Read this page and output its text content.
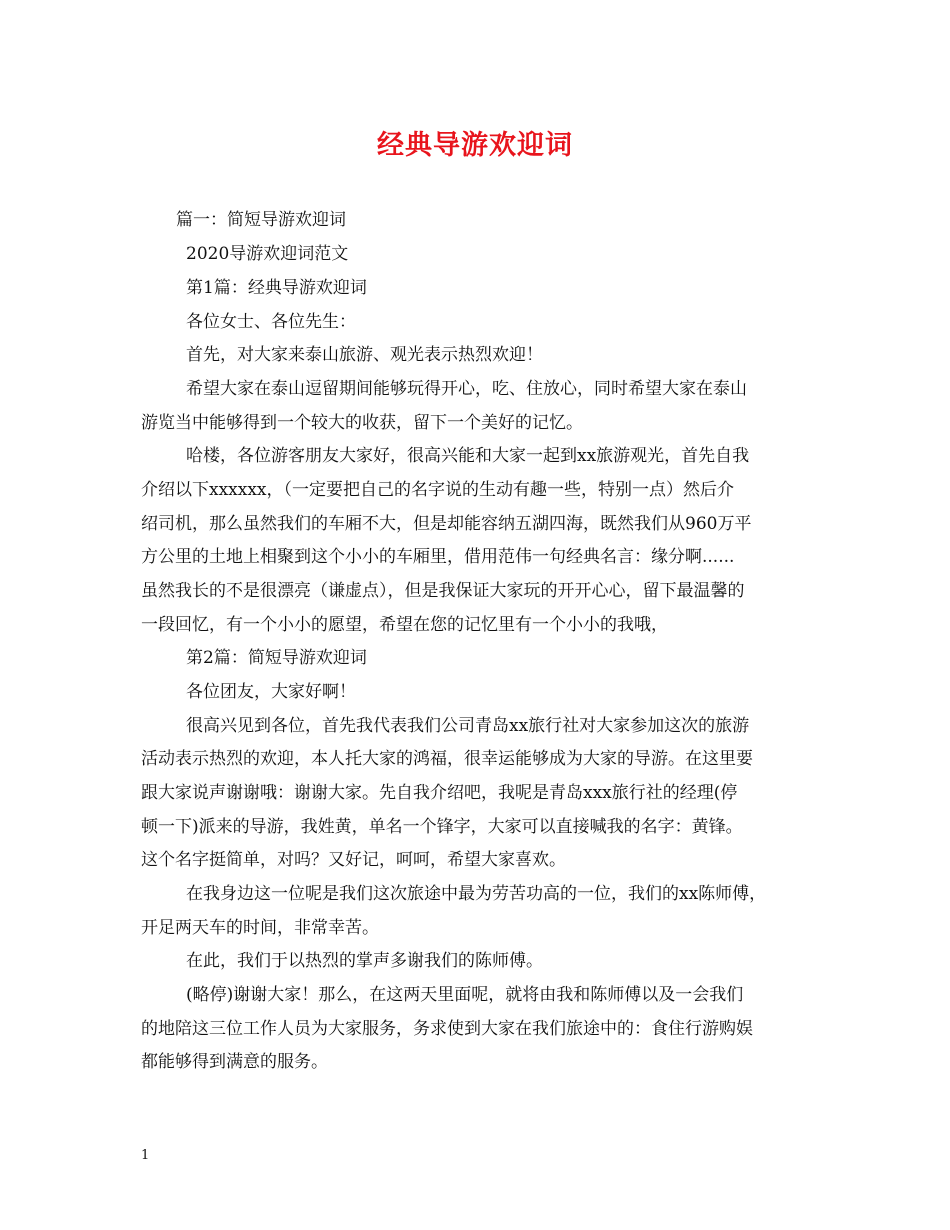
经典导游欢迎词
篇一：简短导游欢迎词
2020导游欢迎词范文
第1篇：经典导游欢迎词
各位女士、各位先生：
首先，对大家来泰山旅游、观光表示热烈欢迎！
希望大家在泰山逗留期间能够玩得开心，吃、住放心，同时希望大家在泰山
游览当中能够得到一个较大的收获，留下一个美好的记忆。
哈楼，各位游客朋友大家好，很高兴能和大家一起到xx旅游观光，首先自我
介绍以下xxxxxx，（一定要把自己的名字说的生动有趣一些，特别一点）然后介
绍司机，那么虽然我们的车厢不大，但是却能容纳五湖四海，既然我们从960万平
方公里的土地上相聚到这个小小的车厢里，借用范伟一句经典名言：缘分啊......
虽然我长的不是很漂亮（谦虚点），但是我保证大家玩的开开心心，留下最温馨的
一段回忆，有一个小小的愿望，希望在您的记忆里有一个小小的我哦，
第2篇：简短导游欢迎词
各位团友，大家好啊！
很高兴见到各位，首先我代表我们公司青岛xx旅行社对大家参加这次的旅游
活动表示热烈的欢迎，本人托大家的鸿福，很幸运能够成为大家的导游。在这里要
跟大家说声谢谢哦：谢谢大家。先自我介绍吧，我呢是青岛xxx旅行社的经理(停
顿一下)派来的导游，我姓黄，单名一个锋字，大家可以直接喊我的名字：黄锋。
这个名字挺简单，对吗？又好记，呵呵，希望大家喜欢。
在我身边这一位呢是我们这次旅途中最为劳苦功高的一位，我们的xx陈师傅，
开足两天车的时间，非常幸苦。
在此，我们于以热烈的掌声多谢我们的陈师傅。
(略停)谢谢大家！那么，在这两天里面呢，就将由我和陈师傅以及一会我们
的地陪这三位工作人员为大家服务，务求使到大家在我们旅途中的：食住行游购娱
都能够得到满意的服务。
1
